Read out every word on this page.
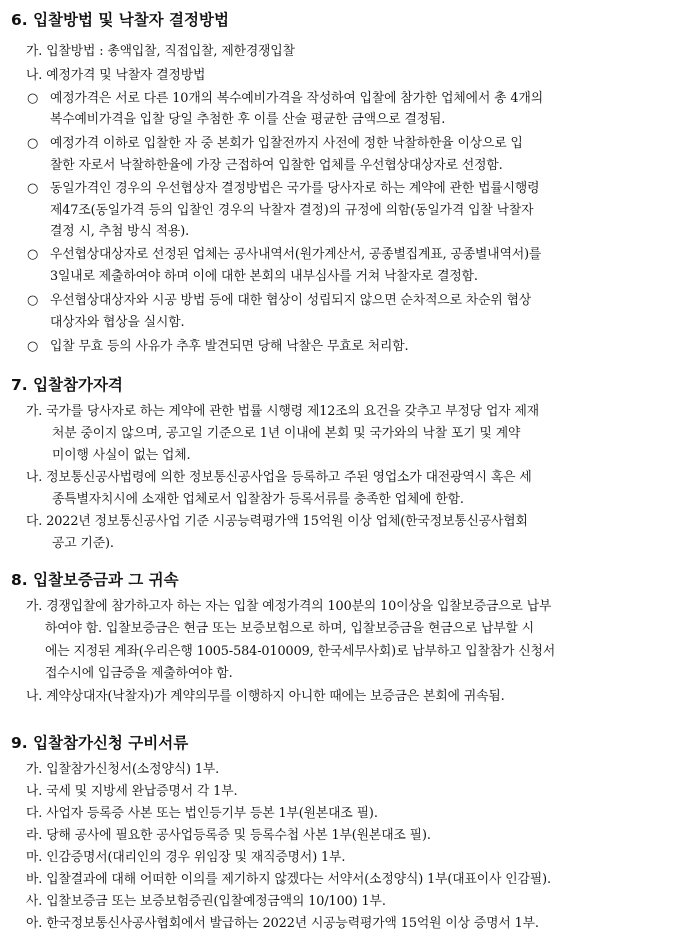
6. 입찰방법 및 낙찰자 결정방법
가. 입찰방법 : 총액입찰, 직접입찰, 제한경쟁입찰
나. 예정가격 및 낙찰자 결정방법
○ 예정가격은 서로 다른 10개의 복수예비가격을 작성하여 입찰에 참가한 업체에서 총 4개의
복수예비가격을 입찰 당일 추첨한 후 이를 산술 평균한 금액으로 결정됨.
○ 예정가격 이하로 입찰한 자 중 본회가 입찰전까지 사전에 정한 낙찰하한율 이상으로 입
찰한 자로서 낙찰하한율에 가장 근접하여 입찰한 업체를 우선협상대상자로 선정함.
○ 동일가격인 경우의 우선협상자 결정방법은 국가를 당사자로 하는 계약에 관한 법률시행령
제47조(동일가격 등의 입찰인 경우의 낙찰자 결정)의 규정에 의함(동일가격 입찰 낙찰자
결정 시, 추첨 방식 적용).
○ 우선협상대상자로 선정된 업체는 공사내역서(원가계산서, 공종별집계표, 공종별내역서)를
3일내로 제출하여야 하며 이에 대한 본회의 내부심사를 거쳐 낙찰자로 결정함.
○ 우선협상대상자와 시공 방법 등에 대한 협상이 성립되지 않으면 순차적으로 차순위 협상
대상자와 협상을 실시함.
○ 입찰 무효 등의 사유가 추후 발견되면 당해 낙찰은 무효로 처리함.
7. 입찰참가자격
가. 국가를 당사자로 하는 계약에 관한 법률 시행령 제12조의 요건을 갖추고 부정당 업자 제재
처분 중이지 않으며, 공고일 기준으로 1년 이내에 본회 및 국가와의 낙찰 포기 및 계약
미이행 사실이 없는 업체.
나. 정보통신공사법령에 의한 정보통신공사업을 등록하고 주된 영업소가 대전광역시 혹은 세
종특별자치시에 소재한 업체로서 입찰참가 등록서류를 충족한 업체에 한함.
다. 2022년 정보통신공사업 기준 시공능력평가액 15억원 이상 업체(한국정보통신공사협회
공고 기준).
8. 입찰보증금과 그 귀속
가. 경쟁입찰에 참가하고자 하는 자는 입찰 예정가격의 100분의 10이상을 입찰보증금으로 납부
하여야 함. 입찰보증금은 현금 또는 보증보험으로 하며, 입찰보증금을 현금으로 납부할 시
에는 지정된 계좌(우리은행 1005-584-010009, 한국세무사회)로 납부하고 입찰참가 신청서
접수시에 입금증을 제출하여야 함.
나. 계약상대자(낙찰자)가 계약의무를 이행하지 아니한 때에는 보증금은 본회에 귀속됨.
9. 입찰참가신청 구비서류
가. 입찰참가신청서(소정양식) 1부.
나. 국세 및 지방세 완납증명서 각 1부.
다. 사업자 등록증 사본 또는 법인등기부 등본 1부(원본대조 필).
라. 당해 공사에 필요한 공사업등록증 및 등록수첩 사본 1부(원본대조 필).
마. 인감증명서(대리인의 경우 위임장 및 재직증명서) 1부.
바. 입찰결과에 대해 어떠한 이의를 제기하지 않겠다는 서약서(소정양식) 1부(대표이사 인감필).
사. 입찰보증금 또는 보증보험증권(입찰예정금액의 10/100) 1부.
아. 한국정보통신사공사협회에서 발급하는 2022년 시공능력평가액 15억원 이상 증명서 1부.
